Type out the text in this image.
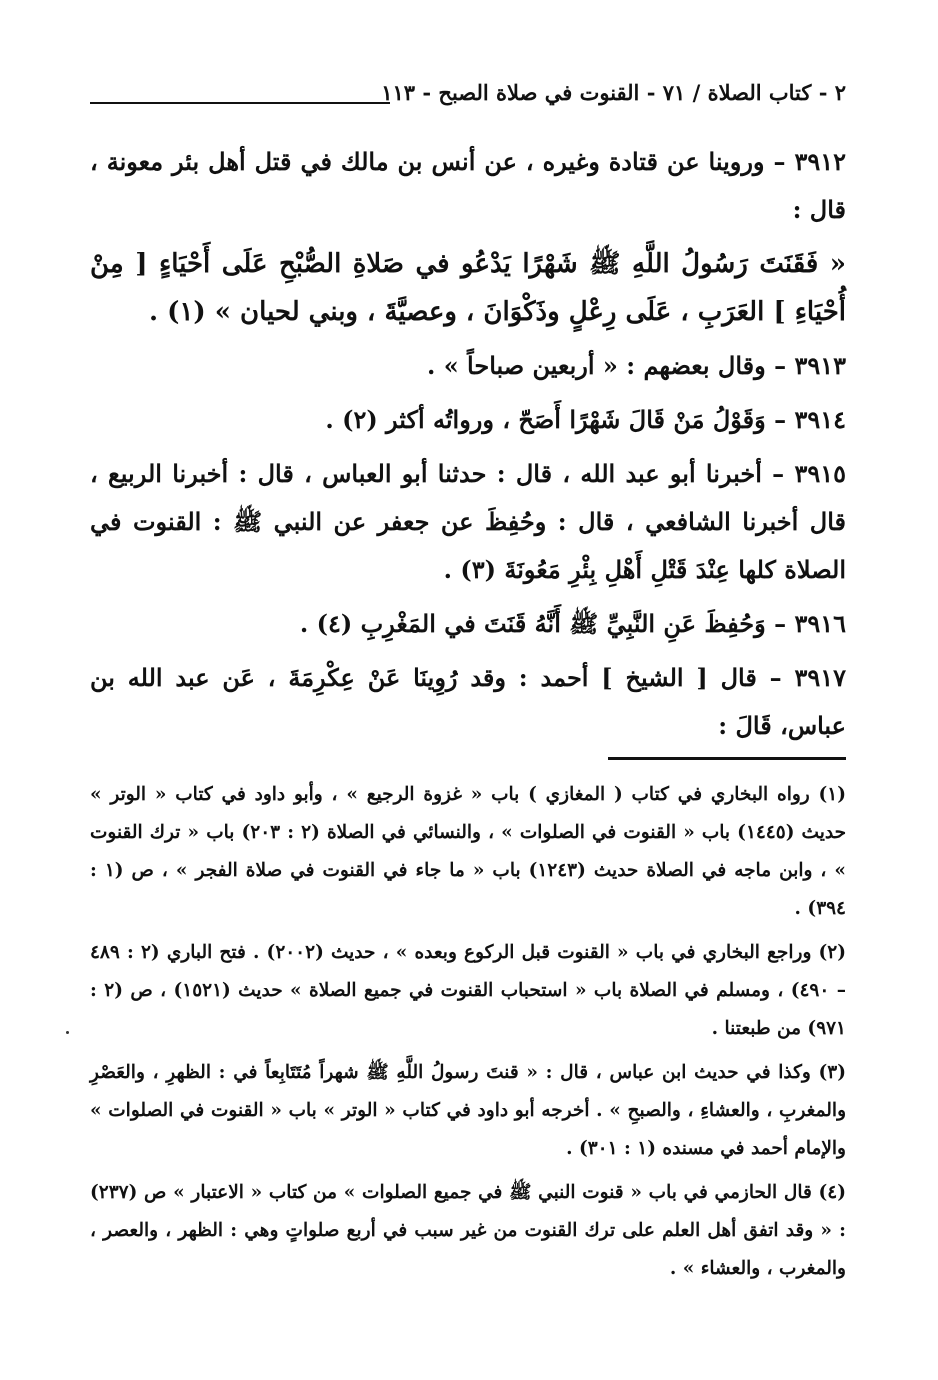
٢ - كتاب الصلاة / ٧١ - القنوت في صلاة الصبح - ١١٣

٣٩١٢ – وروينا عن قتادة وغيره ، عن أنس بن مالك في قتل أهل بئر معونة ، قال :

« فَقَنَتَ رَسُولُ اللَّهِ ﷺ شَهْرًا يَدْعُو في صَلاةِ الصُّبْحِ عَلَى أَحْيَاءٍ [ مِنْ أُحْيَاءِ ] العَرَبِ ، عَلَى رِعْلٍ وذَكْوَانَ ، وعصيَّةَ ، وبني لحيان » (١) .

٣٩١٣ – وقال بعضهم : « أربعين صباحاً » .

٣٩١٤ – وَقَوْلُ مَنْ قَالَ شَهْرًا أَصَحّ ، ورواتُه أكثر (٢) .

٣٩١٥ – أخبرنا أبو عبد الله ، قال : حدثنا أبو العباس ، قال : أخبرنا الربيع ، قال أخبرنا الشافعي ، قال : وحُفِظَ عن جعفر عن النبي ﷺ : القنوت في الصلاة كلها عِنْدَ قَتْلِ أَهْلِ بِئْرِ مَعُونَةَ (٣) .

٣٩١٦ – وَحُفِظَ عَنِ النَّبِيِّ ﷺ أَنَّهُ قَنَتَ في المَغْرِبِ (٤) .

٣٩١٧ – قال [ الشيخ ] أحمد : وقد رُوِينَا عَنْ عِكْرِمَةَ ، عَن عبد الله بن عباس، قَالَ :

(١) رواه البخاري في كتاب ( المغازي ) باب « غزوة الرجيع » ، وأبو داود في كتاب « الوتر » حديث (١٤٤٥) باب « القنوت في الصلوات » ، والنسائي في الصلاة (٢ : ٢٠٣) باب « ترك القنوت » ، وابن ماجه في الصلاة حديث (١٢٤٣) باب « ما جاء في القنوت في صلاة الفجر » ، ص (١ : ٣٩٤) .

(٢) وراجع البخاري في باب « القنوت قبل الركوع وبعده » ، حديث (٢٠٠٢) . فتح الباري (٢ : ٤٨٩ – ٤٩٠) ، ومسلم في الصلاة باب « استحباب القنوت في جميع الصلاة » حديث (١٥٢١) ، ص (٢ : ٩٧١) من طبعتنا .

(٣) وكذا في حديث ابن عباس ، قال : « قنتَ رسولُ اللَّهِ ﷺ شهراً مُتَتَابِعاً في : الظهرِ ، والعَصْرِ والمغربِ ، والعشاءِ ، والصبحِ » . أخرجه أبو داود في كتاب « الوتر » باب « القنوت في الصلوات » والإمام أحمد في مسنده (١ : ٣٠١) .

(٤) قال الحازمي في باب « قنوت النبي ﷺ في جميع الصلوات » من كتاب « الاعتبار » ص (٢٣٧) : « وقد اتفق أهل العلم على ترك القنوت من غير سبب في أربع صلواتٍ وهي : الظهر ، والعصر ، والمغرب ، والعشاء » .
